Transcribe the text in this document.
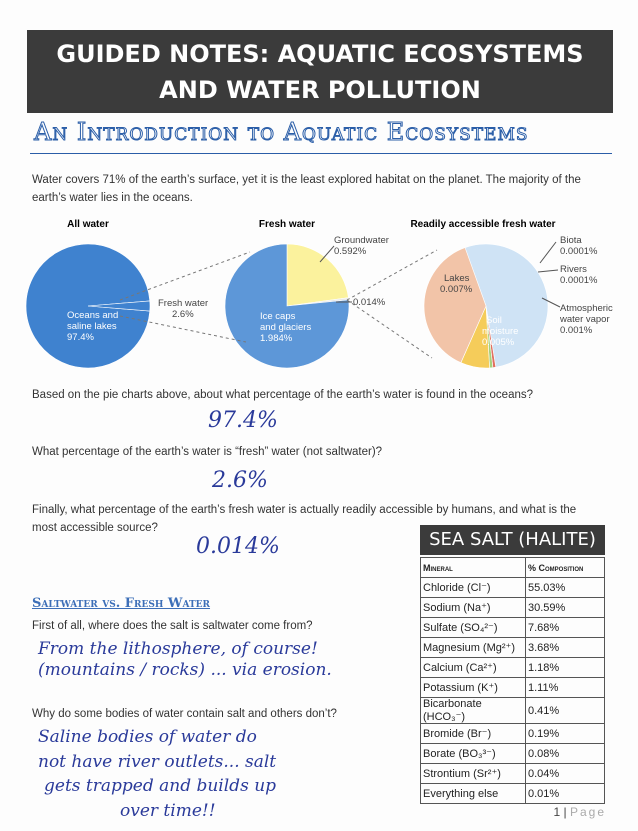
GUIDED NOTES: AQUATIC ECOSYSTEMS
AND WATER POLLUTION
An Introduction to Aquatic Ecosystems
Water covers 71% of the earth’s surface, yet it is the least explored habitat on the planet. The majority of the earth’s water lies in the oceans.
All water	Fresh water	Readily accessible fresh water
Oceans and
saline lakes
97.4%
Fresh water
2.6%
Groundwater
0.592%
Ice caps
and glaciers
1.984%
0.014%
Lakes
0.007%
Soil
moisture
0.005%
Biota
0.0001%
Rivers
0.0001%
Atmospheric
water vapor
0.001%
Based on the pie charts above, about what percentage of the earth’s water is found in the oceans?
97.4%
What percentage of the earth’s water is “fresh” water (not saltwater)?
2.6%
Finally, what percentage of the earth’s fresh water is actually readily accessible by humans, and what is the
most accessible source?
0.014%
Saltwater vs. Fresh Water
First of all, where does the salt is saltwater come from?
From the lithosphere, of course!
(mountains / rocks) ... via erosion.
Why do some bodies of water contain salt and others don’t?
Saline bodies of water do
not have river outlets... salt
gets trapped and builds up
over time!!
SEA SALT (HALITE)
Mineral	% Composition
Chloride (Cl⁻)	55.03%
Sodium (Na⁺)	30.59%
Sulfate (SO₄²⁻)	7.68%
Magnesium (Mg²⁺)	3.68%
Calcium (Ca²⁺)	1.18%
Potassium (K⁺)	1.11%
Bicarbonate (HCO₃⁻)	0.41%
Bromide (Br⁻)	0.19%
Borate (BO₃³⁻)	0.08%
Strontium (Sr²⁺)	0.04%
Everything else	0.01%
1 | Page
